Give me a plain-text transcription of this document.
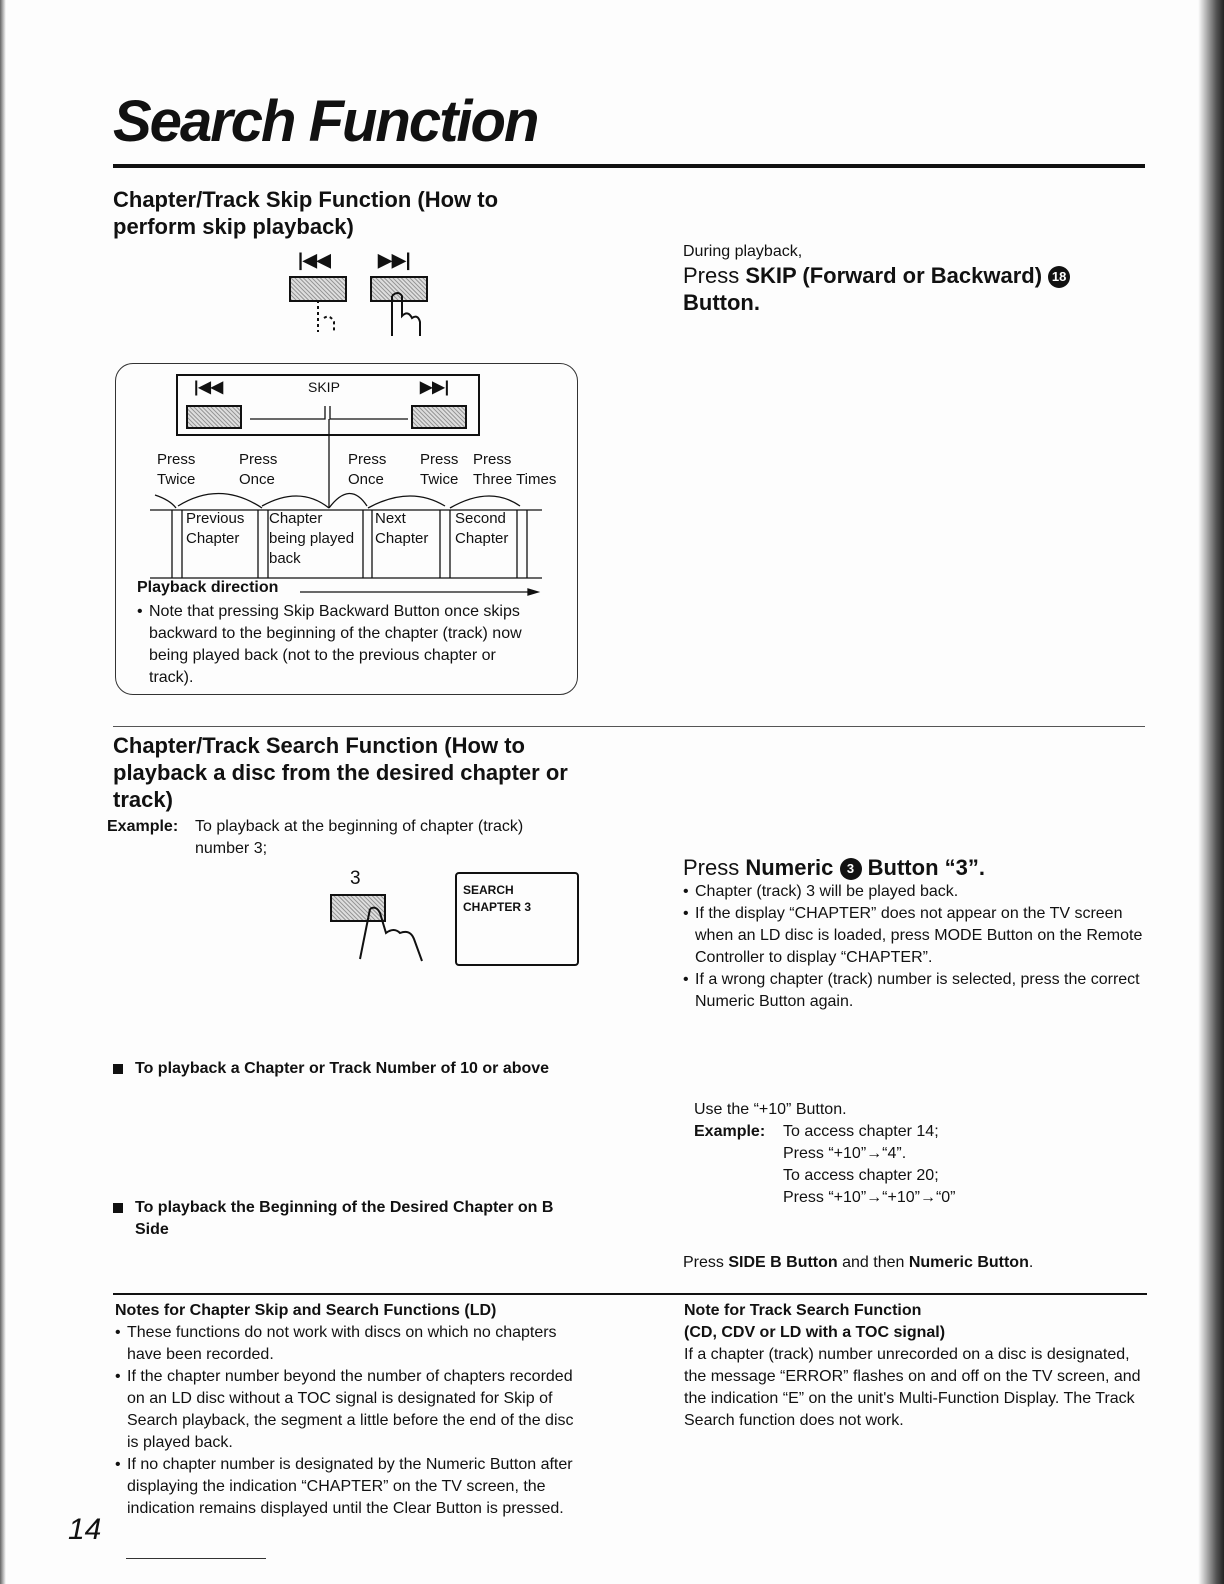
Search Function
Chapter/Track Skip Function (How to perform skip playback)
During playback,
Press SKIP (Forward or Backward) 18
Button.
|◀◀	▶▶|
|◀◀	▶▶|
SKIP
Press
Twice
Press
Once
Press
Once
Press
Twice
Press
Three Times
Previous Chapter
Chapter being played back
Next Chapter
Second Chapter
Playback direction
• Note that pressing Skip Backward Button once skips backward to the beginning of the chapter (track) now being played back (not to the previous chapter or track).
Chapter/Track Search Function (How to playback a disc from the desired chapter or track)
Example: To playback at the beginning of chapter (track) number 3;
3
SEARCH
CHAPTER 3
Press Numeric 3 Button “3”.
• Chapter (track) 3 will be played back.
• If the display “CHAPTER” does not appear on the TV screen when an LD disc is loaded, press MODE Button on the Remote Controller to display “CHAPTER”.
• If a wrong chapter (track) number is selected, press the correct Numeric Button again.
To playback a Chapter or Track Number of 10 or above
Use the “+10” Button.
Example: To access chapter 14;
Press “+10”→“4”.
To access chapter 20;
Press “+10”→“+10”→“0”
To playback the Beginning of the Desired Chapter on B Side
Press SIDE B Button and then Numeric Button.
Notes for Chapter Skip and Search Functions (LD)
• These functions do not work with discs on which no chapters have been recorded.
• If the chapter number beyond the number of chapters recorded on an LD disc without a TOC signal is designated for Skip of Search playback, the segment a little before the end of the disc is played back.
• If no chapter number is designated by the Numeric Button after displaying the indication “CHAPTER” on the TV screen, the indication remains displayed until the Clear Button is pressed.
Note for Track Search Function
(CD, CDV or LD with a TOC signal)
If a chapter (track) number unrecorded on a disc is designated, the message “ERROR” flashes on and off on the TV screen, and the indication “E” on the unit's Multi-Function Display. The Track Search function does not work.
14
